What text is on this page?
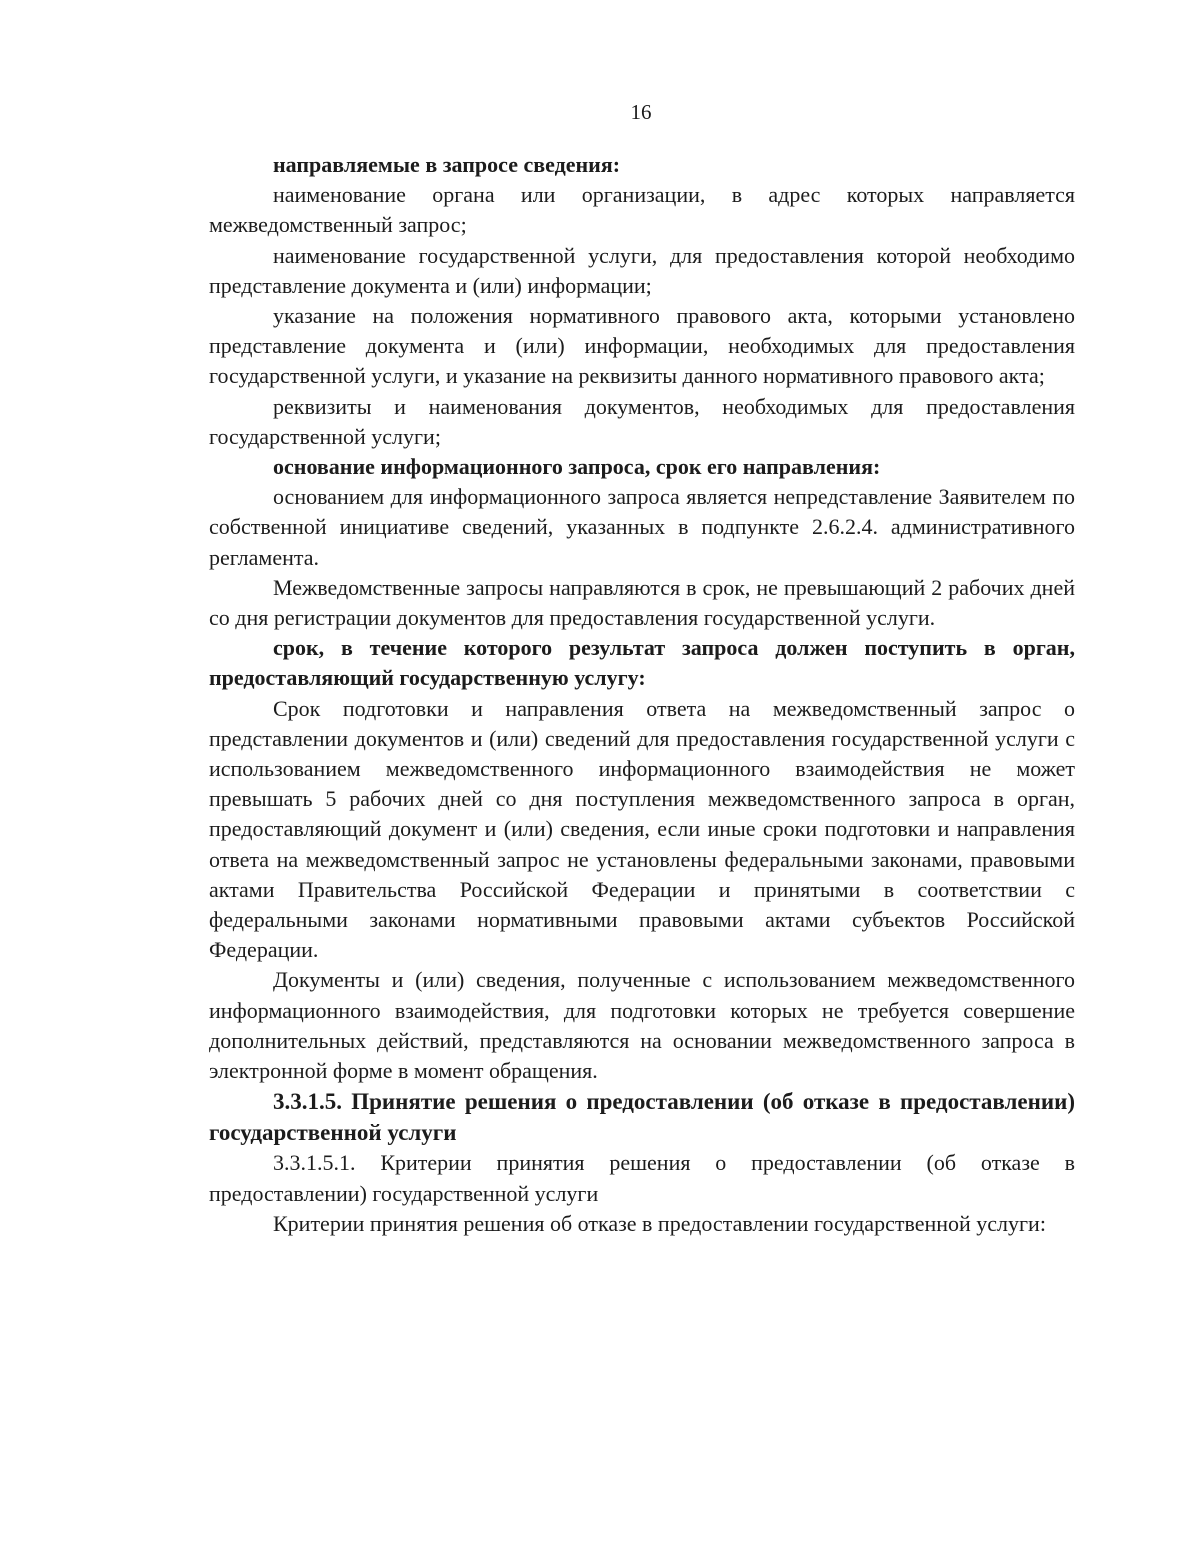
16

направляемые в запросе сведения:

наименование органа или организации, в адрес которых направляется межведомственный запрос;

наименование государственной услуги, для предоставления которой необходимо представление документа и (или) информации;

указание на положения нормативного правового акта, которыми установлено представление документа и (или) информации, необходимых для предоставления государственной услуги, и указание на реквизиты данного нормативного правового акта;

реквизиты и наименования документов, необходимых для предоставления государственной услуги;

основание информационного запроса, срок его направления:

основанием для информационного запроса является непредставление Заявителем по собственной инициативе сведений, указанных в подпункте 2.6.2.4. административного регламента.

Межведомственные запросы направляются в срок, не превышающий 2 рабочих дней со дня регистрации документов для предоставления государственной услуги.

срок, в течение которого результат запроса должен поступить в орган, предоставляющий государственную услугу:

Срок подготовки и направления ответа на межведомственный запрос о представлении документов и (или) сведений для предоставления государственной услуги с использованием межведомственного информационного взаимодействия не может превышать 5 рабочих дней со дня поступления межведомственного запроса в орган, предоставляющий документ и (или) сведения, если иные сроки подготовки и направления ответа на межведомственный запрос не установлены федеральными законами, правовыми актами Правительства Российской Федерации и принятыми в соответствии с федеральными законами нормативными правовыми актами субъектов Российской Федерации.

Документы и (или) сведения, полученные с использованием межведомственного информационного взаимодействия, для подготовки которых не требуется совершение дополнительных действий, представляются на основании межведомственного запроса в электронной форме в момент обращения.

3.3.1.5. Принятие решения о предоставлении (об отказе в предоставлении) государственной услуги

3.3.1.5.1. Критерии принятия решения о предоставлении (об отказе в предоставлении) государственной услуги

Критерии принятия решения об отказе в предоставлении государственной услуги:
